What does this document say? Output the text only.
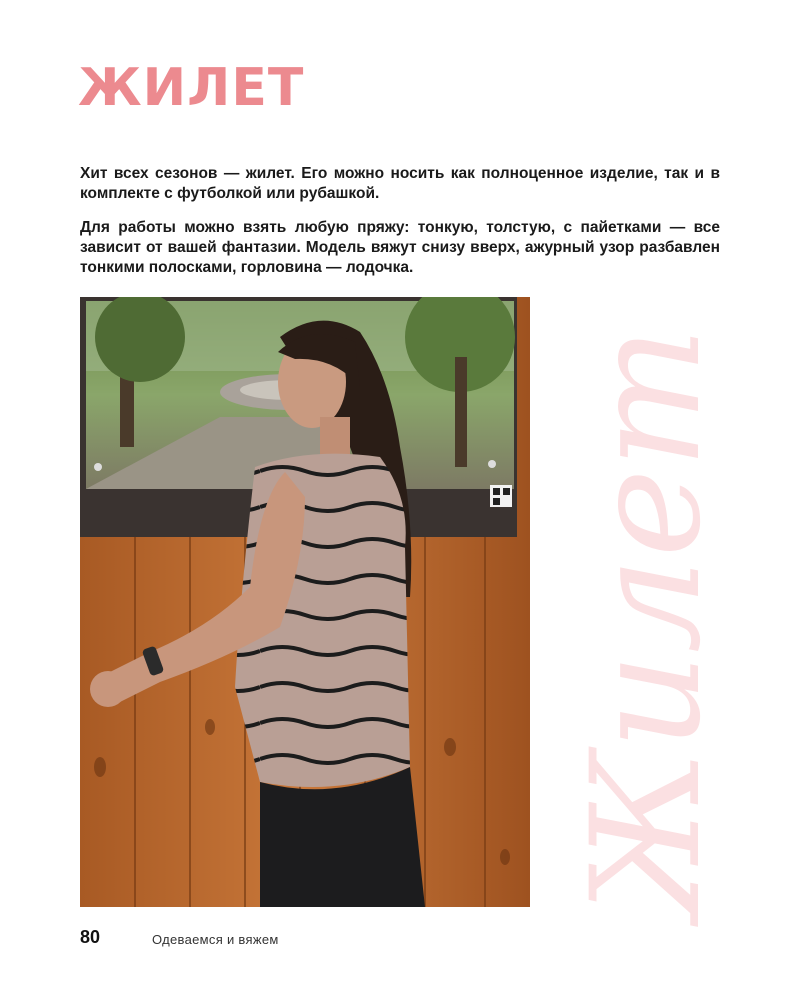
ЖИЛЕТ
Хит всех сезонов — жилет. Его можно носить как полноценное изделие, так и в комплекте с футболкой или рубашкой.
Для работы можно взять любую пряжу: тонкую, толстую, с пайетками — все зависит от вашей фантазии. Модель вяжут снизу вверх, ажурный узор разбавлен тонкими полосками, горловина — лодочка.
Жилет
80	Одеваемся и вяжем
